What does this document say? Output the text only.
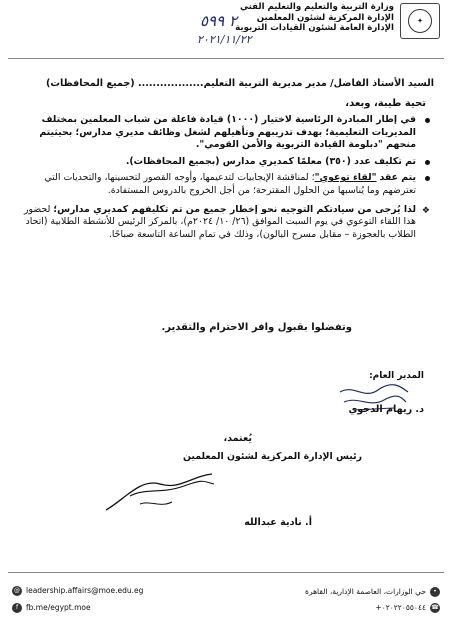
وزارة التربية والتعليم والتعليم الفني
الإدارة المركزية لشئون المعلمين
الإدارة العامة لشئون القيادات التربوية
✦
٢ ٥٩٩
٢٠٢١/١١/٢٢
السيد الأستاذ الفاضل/ مدير مديرية التربية التعليم.................. (جميع المحافظات)
تحية طيبة، وبعد،
في إطار المبادرة الرئاسية لاختيار (١٠٠٠) قيادة فاعلة من شباب المعلمين بمختلف المديريات التعليمية؛ بهدف تدريبهم وتأهيلهم لشغل وظائف مديري مدارس؛ بحيثيتم منحهم "دبلومة القيادة التربوية والأمن القومي".
تم تكليف عدد (٣٥٠) معلمًا كمديري مدارس (بجميع المحافظات).
يتم عقد "لقاء توعوي"؛ لمناقشة الإيجابيات لتدعيمها، وأوجه القصور لتحسينها، والتحديات التي تعترضهم وما يُناسبها من الحلول المقترحة؛ من أجل الخروج بالدروس المستفادة.
❖
لذا يُرجى من سيادتكم التوجيه نحو إخطار جميع من تم تكليفهم كمديري مدارس؛ لحضور هذا اللقاء التوعوي في يوم السبت الموافق (٢٦/ ١٠/ ٢٠٢٤م)، بالمركز الرئيس للأنشطة الطلابية (اتحاد الطلاب بالعجوزة – مقابل مسرح البالون)، وذلك في تمام الساعة التاسعة صباحًا.
وتفضلوا بقبول وافر الاحترام والتقدير.
المدير العام:
د. ريهام الدجوي
يُعتمد،
رئيس الإدارة المركزية لشئون المعلمين
أ. نادية عبدالله
@ leadership.affairs@moe.edu.eg
f	fb.me/egypt.moe
•
حي الوزارات، العاصمة الإدارية، القاهرة
☎
٠٢٠٢٢٠٥٥٠٤٤+
